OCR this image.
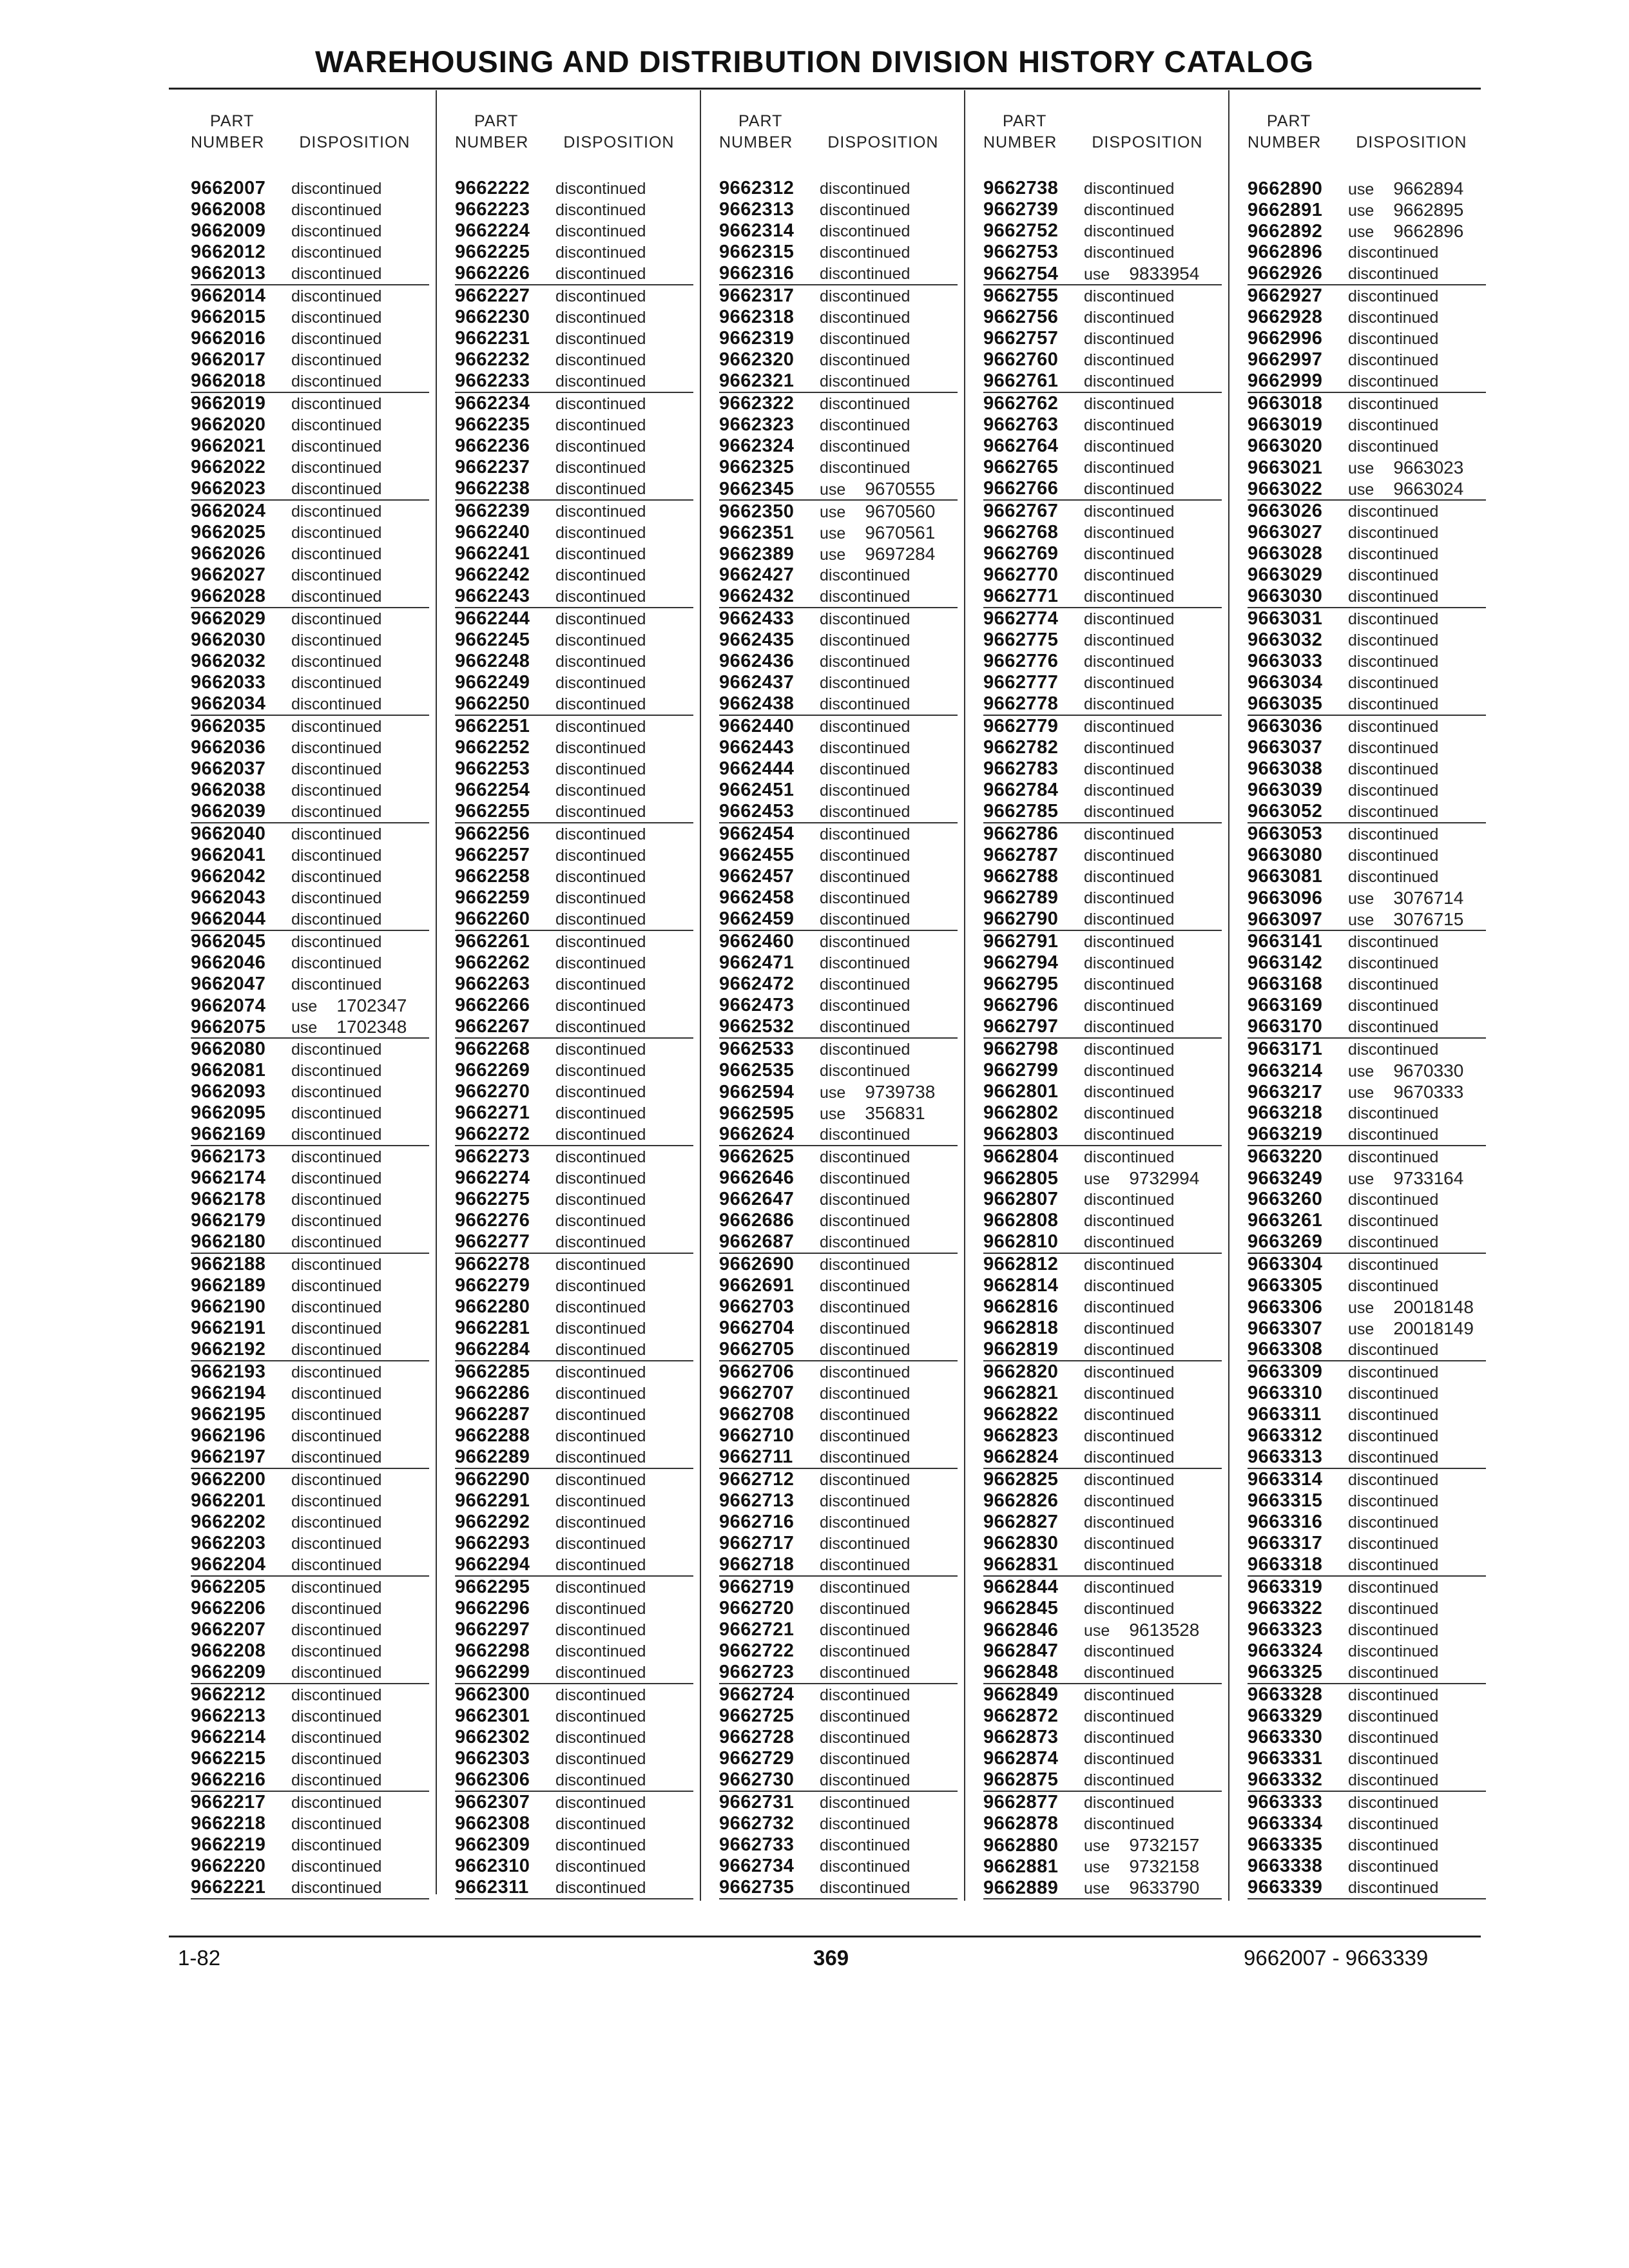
WAREHOUSING AND DISTRIBUTION DIVISION HISTORY CATALOG
PART
NUMBER DISPOSITION
PART
NUMBER DISPOSITION
PART
NUMBER DISPOSITION
PART
NUMBER DISPOSITION
PART
NUMBER DISPOSITION
9662007 discontinued
9662008 discontinued
9662009 discontinued
9662012 discontinued
9662013 discontinued
9662014 discontinued
9662015 discontinued
9662016 discontinued
9662017 discontinued
9662018 discontinued
9662019 discontinued
9662020 discontinued
9662021 discontinued
9662022 discontinued
9662023 discontinued
9662024 discontinued
9662025 discontinued
9662026 discontinued
9662027 discontinued
9662028 discontinued
9662029 discontinued
9662030 discontinued
9662032 discontinued
9662033 discontinued
9662034 discontinued
9662035 discontinued
9662036 discontinued
9662037 discontinued
9662038 discontinued
9662039 discontinued
9662040 discontinued
9662041 discontinued
9662042 discontinued
9662043 discontinued
9662044 discontinued
9662045 discontinued
9662046 discontinued
9662047 discontinued
9662074 use 1702347
9662075 use 1702348
9662080 discontinued
9662081 discontinued
9662093 discontinued
9662095 discontinued
9662169 discontinued
9662173 discontinued
9662174 discontinued
9662178 discontinued
9662179 discontinued
9662180 discontinued
9662188 discontinued
9662189 discontinued
9662190 discontinued
9662191 discontinued
9662192 discontinued
9662193 discontinued
9662194 discontinued
9662195 discontinued
9662196 discontinued
9662197 discontinued
9662200 discontinued
9662201 discontinued
9662202 discontinued
9662203 discontinued
9662204 discontinued
9662205 discontinued
9662206 discontinued
9662207 discontinued
9662208 discontinued
9662209 discontinued
9662212 discontinued
9662213 discontinued
9662214 discontinued
9662215 discontinued
9662216 discontinued
9662217 discontinued
9662218 discontinued
9662219 discontinued
9662220 discontinued
9662221 discontinued
9662222 discontinued
9662223 discontinued
9662224 discontinued
9662225 discontinued
9662226 discontinued
9662227 discontinued
9662230 discontinued
9662231 discontinued
9662232 discontinued
9662233 discontinued
9662234 discontinued
9662235 discontinued
9662236 discontinued
9662237 discontinued
9662238 discontinued
9662239 discontinued
9662240 discontinued
9662241 discontinued
9662242 discontinued
9662243 discontinued
9662244 discontinued
9662245 discontinued
9662248 discontinued
9662249 discontinued
9662250 discontinued
9662251 discontinued
9662252 discontinued
9662253 discontinued
9662254 discontinued
9662255 discontinued
9662256 discontinued
9662257 discontinued
9662258 discontinued
9662259 discontinued
9662260 discontinued
9662261 discontinued
9662262 discontinued
9662263 discontinued
9662266 discontinued
9662267 discontinued
9662268 discontinued
9662269 discontinued
9662270 discontinued
9662271 discontinued
9662272 discontinued
9662273 discontinued
9662274 discontinued
9662275 discontinued
9662276 discontinued
9662277 discontinued
9662278 discontinued
9662279 discontinued
9662280 discontinued
9662281 discontinued
9662284 discontinued
9662285 discontinued
9662286 discontinued
9662287 discontinued
9662288 discontinued
9662289 discontinued
9662290 discontinued
9662291 discontinued
9662292 discontinued
9662293 discontinued
9662294 discontinued
9662295 discontinued
9662296 discontinued
9662297 discontinued
9662298 discontinued
9662299 discontinued
9662300 discontinued
9662301 discontinued
9662302 discontinued
9662303 discontinued
9662306 discontinued
9662307 discontinued
9662308 discontinued
9662309 discontinued
9662310 discontinued
9662311 discontinued
9662312 discontinued
9662313 discontinued
9662314 discontinued
9662315 discontinued
9662316 discontinued
9662317 discontinued
9662318 discontinued
9662319 discontinued
9662320 discontinued
9662321 discontinued
9662322 discontinued
9662323 discontinued
9662324 discontinued
9662325 discontinued
9662345 use 9670555
9662350 use 9670560
9662351 use 9670561
9662389 use 9697284
9662427 discontinued
9662432 discontinued
9662433 discontinued
9662435 discontinued
9662436 discontinued
9662437 discontinued
9662438 discontinued
9662440 discontinued
9662443 discontinued
9662444 discontinued
9662451 discontinued
9662453 discontinued
9662454 discontinued
9662455 discontinued
9662457 discontinued
9662458 discontinued
9662459 discontinued
9662460 discontinued
9662471 discontinued
9662472 discontinued
9662473 discontinued
9662532 discontinued
9662533 discontinued
9662535 discontinued
9662594 use 9739738
9662595 use 356831
9662624 discontinued
9662625 discontinued
9662646 discontinued
9662647 discontinued
9662686 discontinued
9662687 discontinued
9662690 discontinued
9662691 discontinued
9662703 discontinued
9662704 discontinued
9662705 discontinued
9662706 discontinued
9662707 discontinued
9662708 discontinued
9662710 discontinued
9662711 discontinued
9662712 discontinued
9662713 discontinued
9662716 discontinued
9662717 discontinued
9662718 discontinued
9662719 discontinued
9662720 discontinued
9662721 discontinued
9662722 discontinued
9662723 discontinued
9662724 discontinued
9662725 discontinued
9662728 discontinued
9662729 discontinued
9662730 discontinued
9662731 discontinued
9662732 discontinued
9662733 discontinued
9662734 discontinued
9662735 discontinued
9662738 discontinued
9662739 discontinued
9662752 discontinued
9662753 discontinued
9662754 use 9833954
9662755 discontinued
9662756 discontinued
9662757 discontinued
9662760 discontinued
9662761 discontinued
9662762 discontinued
9662763 discontinued
9662764 discontinued
9662765 discontinued
9662766 discontinued
9662767 discontinued
9662768 discontinued
9662769 discontinued
9662770 discontinued
9662771 discontinued
9662774 discontinued
9662775 discontinued
9662776 discontinued
9662777 discontinued
9662778 discontinued
9662779 discontinued
9662782 discontinued
9662783 discontinued
9662784 discontinued
9662785 discontinued
9662786 discontinued
9662787 discontinued
9662788 discontinued
9662789 discontinued
9662790 discontinued
9662791 discontinued
9662794 discontinued
9662795 discontinued
9662796 discontinued
9662797 discontinued
9662798 discontinued
9662799 discontinued
9662801 discontinued
9662802 discontinued
9662803 discontinued
9662804 discontinued
9662805 use 9732994
9662807 discontinued
9662808 discontinued
9662810 discontinued
9662812 discontinued
9662814 discontinued
9662816 discontinued
9662818 discontinued
9662819 discontinued
9662820 discontinued
9662821 discontinued
9662822 discontinued
9662823 discontinued
9662824 discontinued
9662825 discontinued
9662826 discontinued
9662827 discontinued
9662830 discontinued
9662831 discontinued
9662844 discontinued
9662845 discontinued
9662846 use 9613528
9662847 discontinued
9662848 discontinued
9662849 discontinued
9662872 discontinued
9662873 discontinued
9662874 discontinued
9662875 discontinued
9662877 discontinued
9662878 discontinued
9662880 use 9732157
9662881 use 9732158
9662889 use 9633790
9662890 use 9662894
9662891 use 9662895
9662892 use 9662896
9662896 discontinued
9662926 discontinued
9662927 discontinued
9662928 discontinued
9662996 discontinued
9662997 discontinued
9662999 discontinued
9663018 discontinued
9663019 discontinued
9663020 discontinued
9663021 use 9663023
9663022 use 9663024
9663026 discontinued
9663027 discontinued
9663028 discontinued
9663029 discontinued
9663030 discontinued
9663031 discontinued
9663032 discontinued
9663033 discontinued
9663034 discontinued
9663035 discontinued
9663036 discontinued
9663037 discontinued
9663038 discontinued
9663039 discontinued
9663052 discontinued
9663053 discontinued
9663080 discontinued
9663081 discontinued
9663096 use 3076714
9663097 use 3076715
9663141 discontinued
9663142 discontinued
9663168 discontinued
9663169 discontinued
9663170 discontinued
9663171 discontinued
9663214 use 9670330
9663217 use 9670333
9663218 discontinued
9663219 discontinued
9663220 discontinued
9663249 use 9733164
9663260 discontinued
9663261 discontinued
9663269 discontinued
9663304 discontinued
9663305 discontinued
9663306 use 20018148
9663307 use 20018149
9663308 discontinued
9663309 discontinued
9663310 discontinued
9663311 discontinued
9663312 discontinued
9663313 discontinued
9663314 discontinued
9663315 discontinued
9663316 discontinued
9663317 discontinued
9663318 discontinued
9663319 discontinued
9663322 discontinued
9663323 discontinued
9663324 discontinued
9663325 discontinued
9663328 discontinued
9663329 discontinued
9663330 discontinued
9663331 discontinued
9663332 discontinued
9663333 discontinued
9663334 discontinued
9663335 discontinued
9663338 discontinued
9663339 discontinued
1-82	369	9662007 - 9663339
